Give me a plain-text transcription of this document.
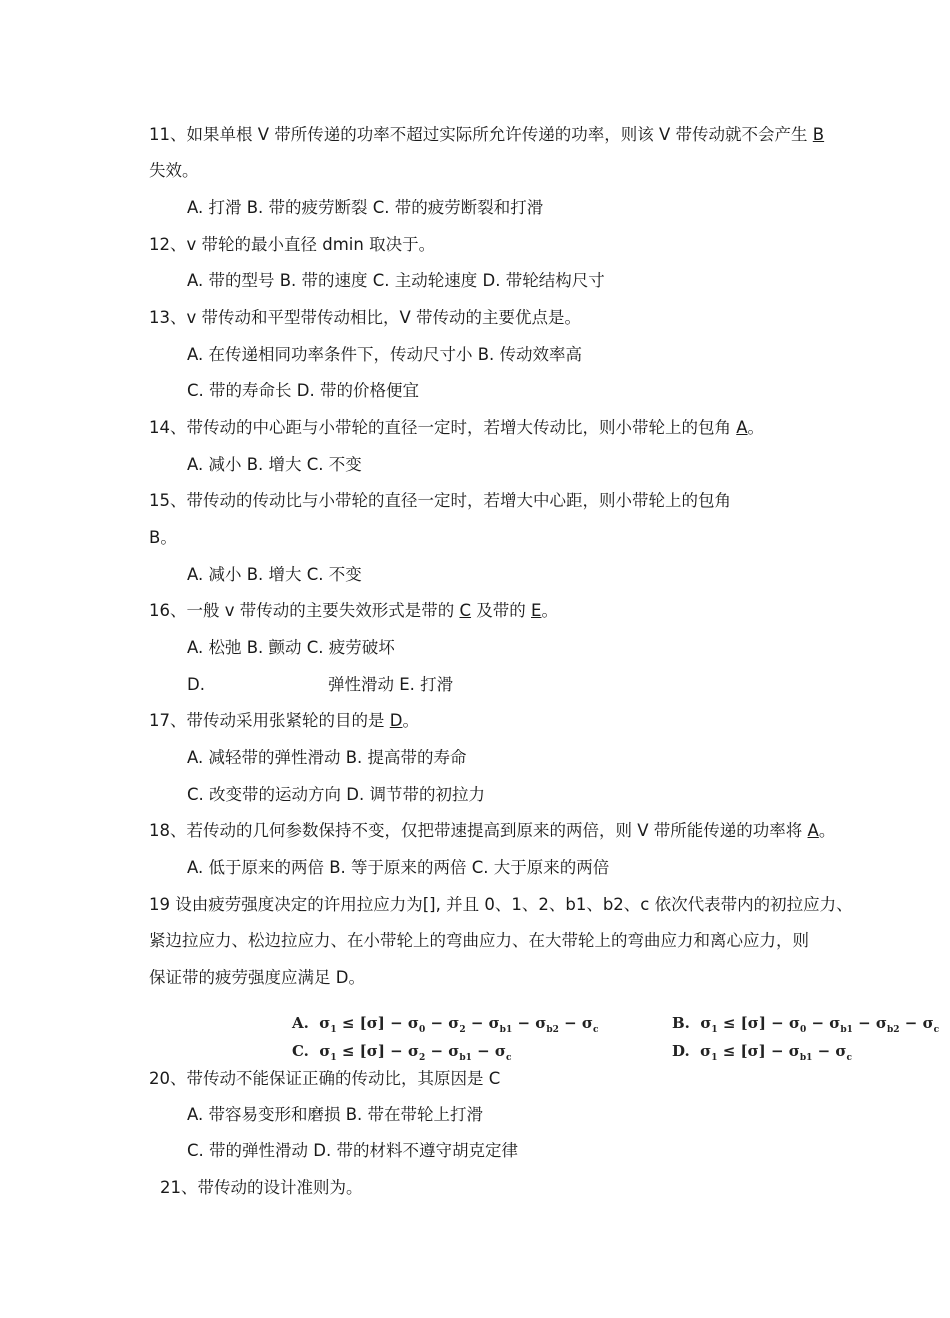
11、如果单根 V 带所传递的功率不超过实际所允许传递的功率，则该 V 带传动就不会产生 B
失效。
A. 打滑 B. 带的疲劳断裂 C. 带的疲劳断裂和打滑
12、v 带轮的最小直径 dmin 取决于。
A. 带的型号 B. 带的速度 C. 主动轮速度 D. 带轮结构尺寸
13、v 带传动和平型带传动相比，V 带传动的主要优点是。
A. 在传递相同功率条件下，传动尺寸小 B. 传动效率高
C. 带的寿命长 D. 带的价格便宜
14、带传动的中心距与小带轮的直径一定时，若增大传动比，则小带轮上的包角 A。
A. 减小 B. 增大 C. 不变
15、带传动的传动比与小带轮的直径一定时，若增大中心距，则小带轮上的包角
B。
A. 减小 B. 增大 C. 不变
16、一般 v 带传动的主要失效形式是带的 C 及带的 E。
A. 松弛 B. 颤动 C. 疲劳破坏
D.	弹性滑动 E. 打滑
17、带传动采用张紧轮的目的是 D。
A. 减轻带的弹性滑动 B. 提高带的寿命
C. 改变带的运动方向 D. 调节带的初拉力
18、若传动的几何参数保持不变，仅把带速提高到原来的两倍，则 V 带所能传递的功率将 A。
A. 低于原来的两倍 B. 等于原来的两倍 C. 大于原来的两倍
19 设由疲劳强度决定的许用拉应力为[], 并且 0、1、2、b1、b2、c 依次代表带内的初拉应力、
紧边拉应力、松边拉应力、在小带轮上的弯曲应力、在大带轮上的弯曲应力和离心应力，则
保证带的疲劳强度应满足 D。
A.  $\sigma_1 \le [\sigma] - \sigma_0 - \sigma_2 - \sigma_{b1} - \sigma_{b2} - \sigma_c$	B.  $\sigma_1 \le [\sigma] - \sigma_0 - \sigma_{b1} - \sigma_{b2} - \sigma_c$
C.  $\sigma_1 \le [\sigma] - \sigma_2 - \sigma_{b1} - \sigma_c$	D.  $\sigma_1 \le [\sigma] - \sigma_{b1} - \sigma_c$
20、带传动不能保证正确的传动比，其原因是 C
A. 带容易变形和磨损 B. 带在带轮上打滑
C. 带的弹性滑动 D. 带的材料不遵守胡克定律
21、带传动的设计准则为。
